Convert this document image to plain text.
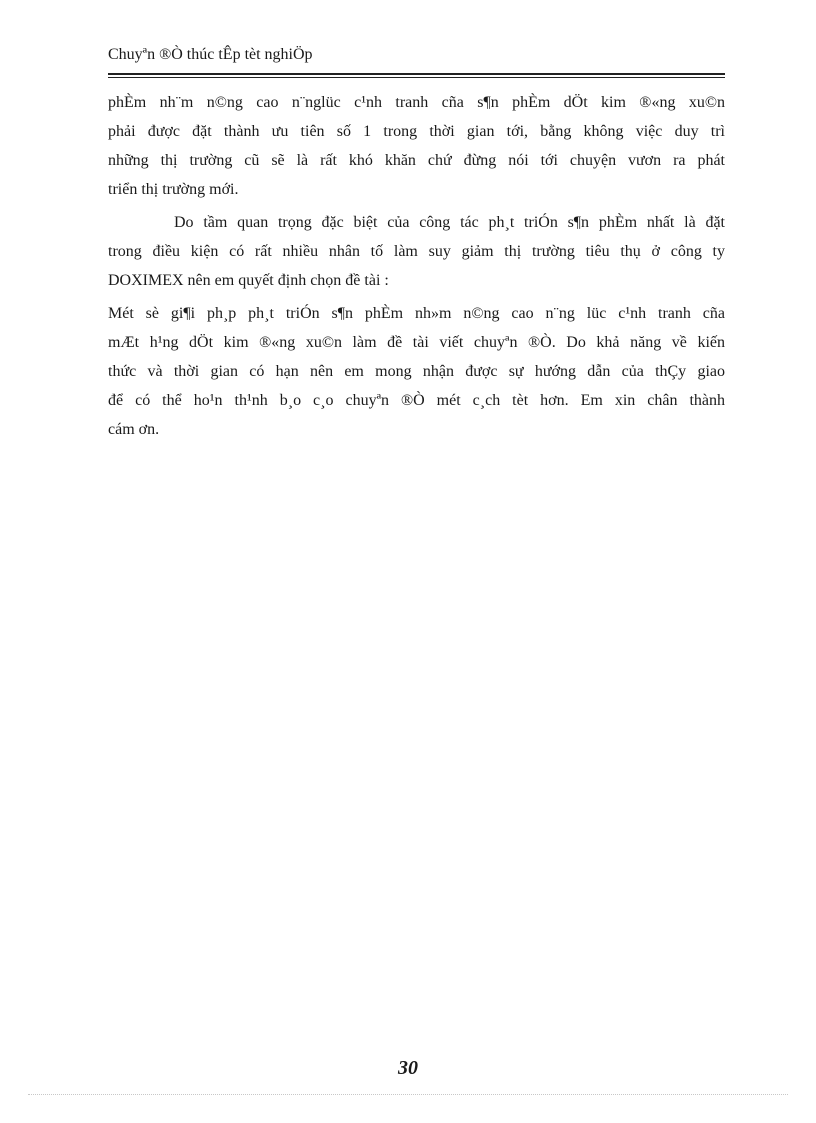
Chuyªn ®Ò thúc tÊp tèt nghiÖp

phÈm nh¨m n©ng cao n¨nglüc c¹nh tranh cña s¶n phÈm dÖt kim ®«ng xu©n
phải được đặt thành ưu tiên số 1 trong thời gian tới, bằng không việc duy trì
những thị trường cũ sẽ là rất khó khăn chứ đừng nói tới chuyện vươn ra phát
triển thị trường mới.

Do tầm quan trọng đặc biệt của công tác ph¸t triÓn s¶n phÈm nhất là đặt
trong điều kiện có rất nhiều nhân tố làm suy giảm thị trường tiêu thụ ở công ty
DOXIMEX nên em quyết định chọn đề tài :

Mét sè gi¶i ph¸p ph¸t triÓn s¶n phÈm nh»m n©ng cao n¨ng lüc c¹nh tranh cña
mÆt h¹ng dÖt kim ®«ng xu©n làm đề tài viết chuyªn ®Ò. Do khả năng về kiến
thức và thời gian có hạn nên em mong nhận được sự hướng dẫn của thÇy giao
để có thể ho¹n th¹nh b¸o c¸o chuyªn ®Ò mét c¸ch tèt hơn. Em xin chân thành
cám ơn.

30
